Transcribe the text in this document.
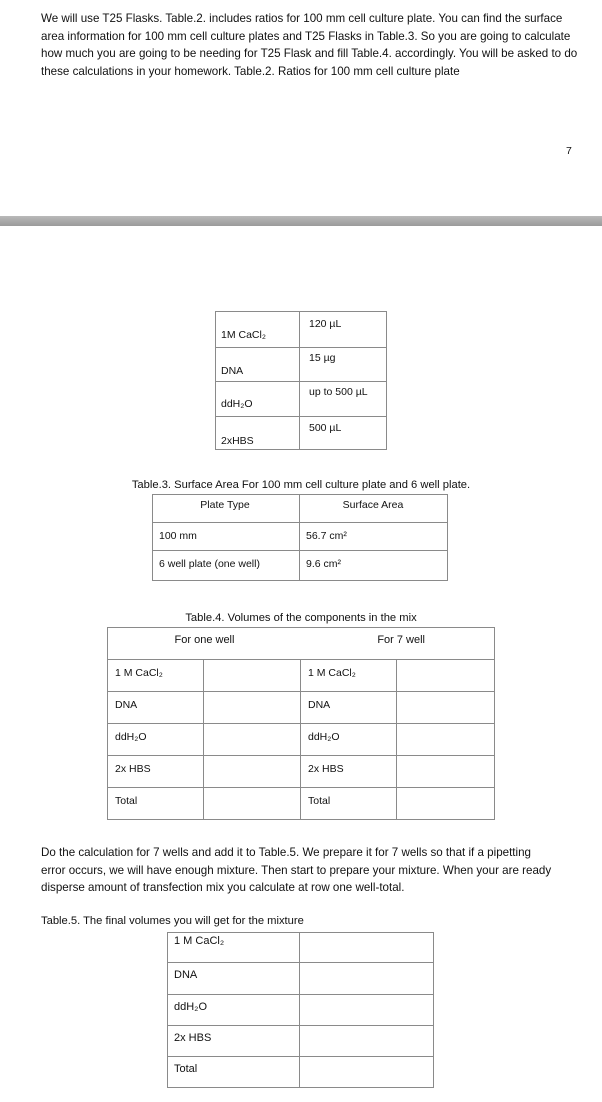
We will use T25 Flasks. Table.2. includes ratios for 100 mm cell culture plate. You can find the surface area information for 100 mm cell culture plates and T25 Flasks in Table.3. So you are going to calculate how much you are going to be needing for T25 Flask and fill Table.4. accordingly. You will be asked to do these calculations in your homework. Table.2. Ratios for 100 mm cell culture plate
7
1M CaCl₂	120 µL

DNA	15 µg

ddH₂O	up to 500 µL

2xHBS	500 µL
Table.3. Surface Area For 100 mm cell culture plate and 6 well plate.
Plate Type	Surface Area

100 mm	56.7 cm²

6 well plate (one well)	9.6 cm²
Table.4. Volumes of the components in the mix
For one well For 7 well			

1 M CaCl₂		1 M CaCl₂	

DNA		DNA	

ddH₂O		ddH₂O	

2x HBS		2x HBS	

Total		Total	

Do the calculation for 7 wells and add it to Table.5. We prepare it for 7 wells so that if a pipetting error occurs, we will have enough mixture. Then start to prepare your mixture. When your are ready disperse amount of transfection mix you calculate at row one well-total.
Table.5. The final volumes you will get for the mixture
1 M CaCl₂	

DNA	

ddH₂O	

2x HBS	

Total	
